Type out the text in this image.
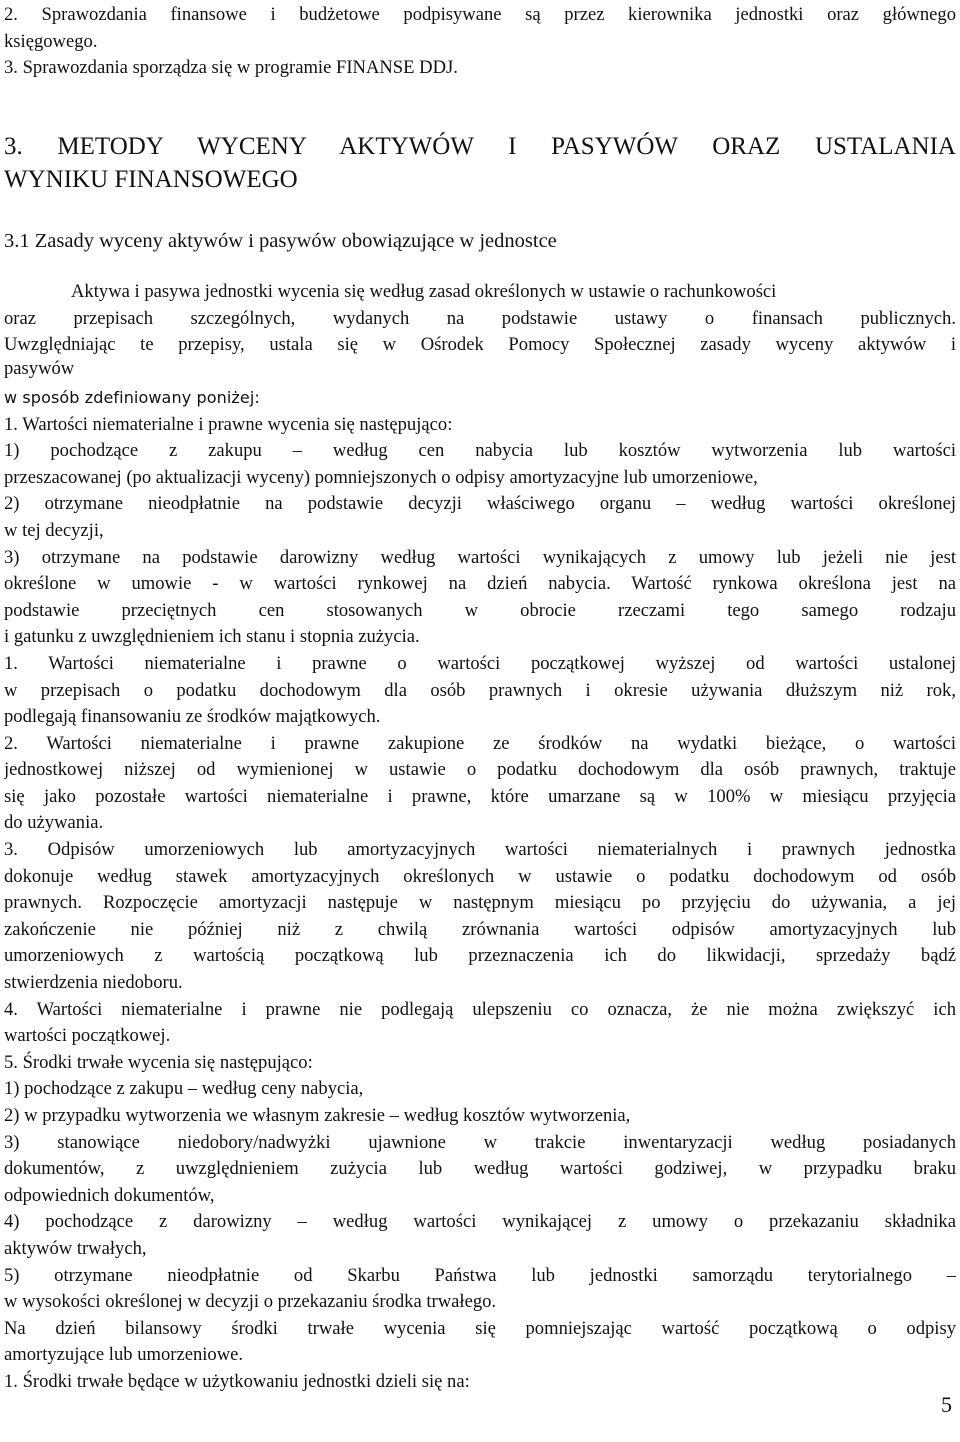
2. Sprawozdania finansowe i budżetowe podpisywane są przez kierownika jednostki oraz głównego
księgowego.
3. Sprawozdania sporządza się w programie FINANSE DDJ.
3. METODY WYCENY AKTYWÓW I PASYWÓW ORAZ USTALANIA
WYNIKU FINANSOWEGO
3.1 Zasady wyceny aktywów i pasywów obowiązujące w jednostce
Aktywa i pasywa jednostki wycenia się według zasad określonych w ustawie o rachunkowości
oraz przepisach szczególnych, wydanych na podstawie ustawy o finansach publicznych.
Uwzględniając te przepisy, ustala się w Ośrodek Pomocy Społecznej zasady wyceny aktywów i
pasywów
w sposób zdefiniowany poniżej:
1. Wartości niematerialne i prawne wycenia się następująco:
1) pochodzące z zakupu – według cen nabycia lub kosztów wytworzenia lub wartości
przeszacowanej (po aktualizacji wyceny) pomniejszonych o odpisy amortyzacyjne lub umorzeniowe,
2) otrzymane nieodpłatnie na podstawie decyzji właściwego organu – według wartości określonej
w tej decyzji,
3) otrzymane na podstawie darowizny według wartości wynikających z umowy lub jeżeli nie jest
określone w umowie - w wartości rynkowej na dzień nabycia. Wartość rynkowa określona jest na
podstawie przeciętnych cen stosowanych w obrocie rzeczami tego samego rodzaju
i gatunku z uwzględnieniem ich stanu i stopnia zużycia.
1. Wartości niematerialne i prawne o wartości początkowej wyższej od wartości ustalonej
w przepisach o podatku dochodowym dla osób prawnych i okresie używania dłuższym niż rok,
podlegają finansowaniu ze środków majątkowych.
2. Wartości niematerialne i prawne zakupione ze środków na wydatki bieżące, o wartości
jednostkowej niższej od wymienionej w ustawie o podatku dochodowym dla osób prawnych, traktuje
się jako pozostałe wartości niematerialne i prawne, które umarzane są w 100% w miesiącu przyjęcia
do używania.
3. Odpisów umorzeniowych lub amortyzacyjnych wartości niematerialnych i prawnych jednostka
dokonuje według stawek amortyzacyjnych określonych w ustawie o podatku dochodowym od osób
prawnych. Rozpoczęcie amortyzacji następuje w następnym miesiącu po przyjęciu do używania, a jej
zakończenie nie później niż z chwilą zrównania wartości odpisów amortyzacyjnych lub
umorzeniowych z wartością początkową lub przeznaczenia ich do likwidacji, sprzedaży bądź
stwierdzenia niedoboru.
4. Wartości niematerialne i prawne nie podlegają ulepszeniu co oznacza, że nie można zwiększyć ich
wartości początkowej.
5. Środki trwałe wycenia się następująco:
1) pochodzące z zakupu – według ceny nabycia,
2) w przypadku wytworzenia we własnym zakresie – według kosztów wytworzenia,
3) stanowiące niedobory/nadwyżki ujawnione w trakcie inwentaryzacji według posiadanych
dokumentów, z uwzględnieniem zużycia lub według wartości godziwej, w przypadku braku
odpowiednich dokumentów,
4) pochodzące z darowizny – według wartości wynikającej z umowy o przekazaniu składnika
aktywów trwałych,
5) otrzymane nieodpłatnie od Skarbu Państwa lub jednostki samorządu terytorialnego –
w wysokości określonej w decyzji o przekazaniu środka trwałego.
Na dzień bilansowy środki trwałe wycenia się pomniejszając wartość początkową o odpisy
amortyzujące lub umorzeniowe.
1. Środki trwałe będące w użytkowaniu jednostki dzieli się na:
5
